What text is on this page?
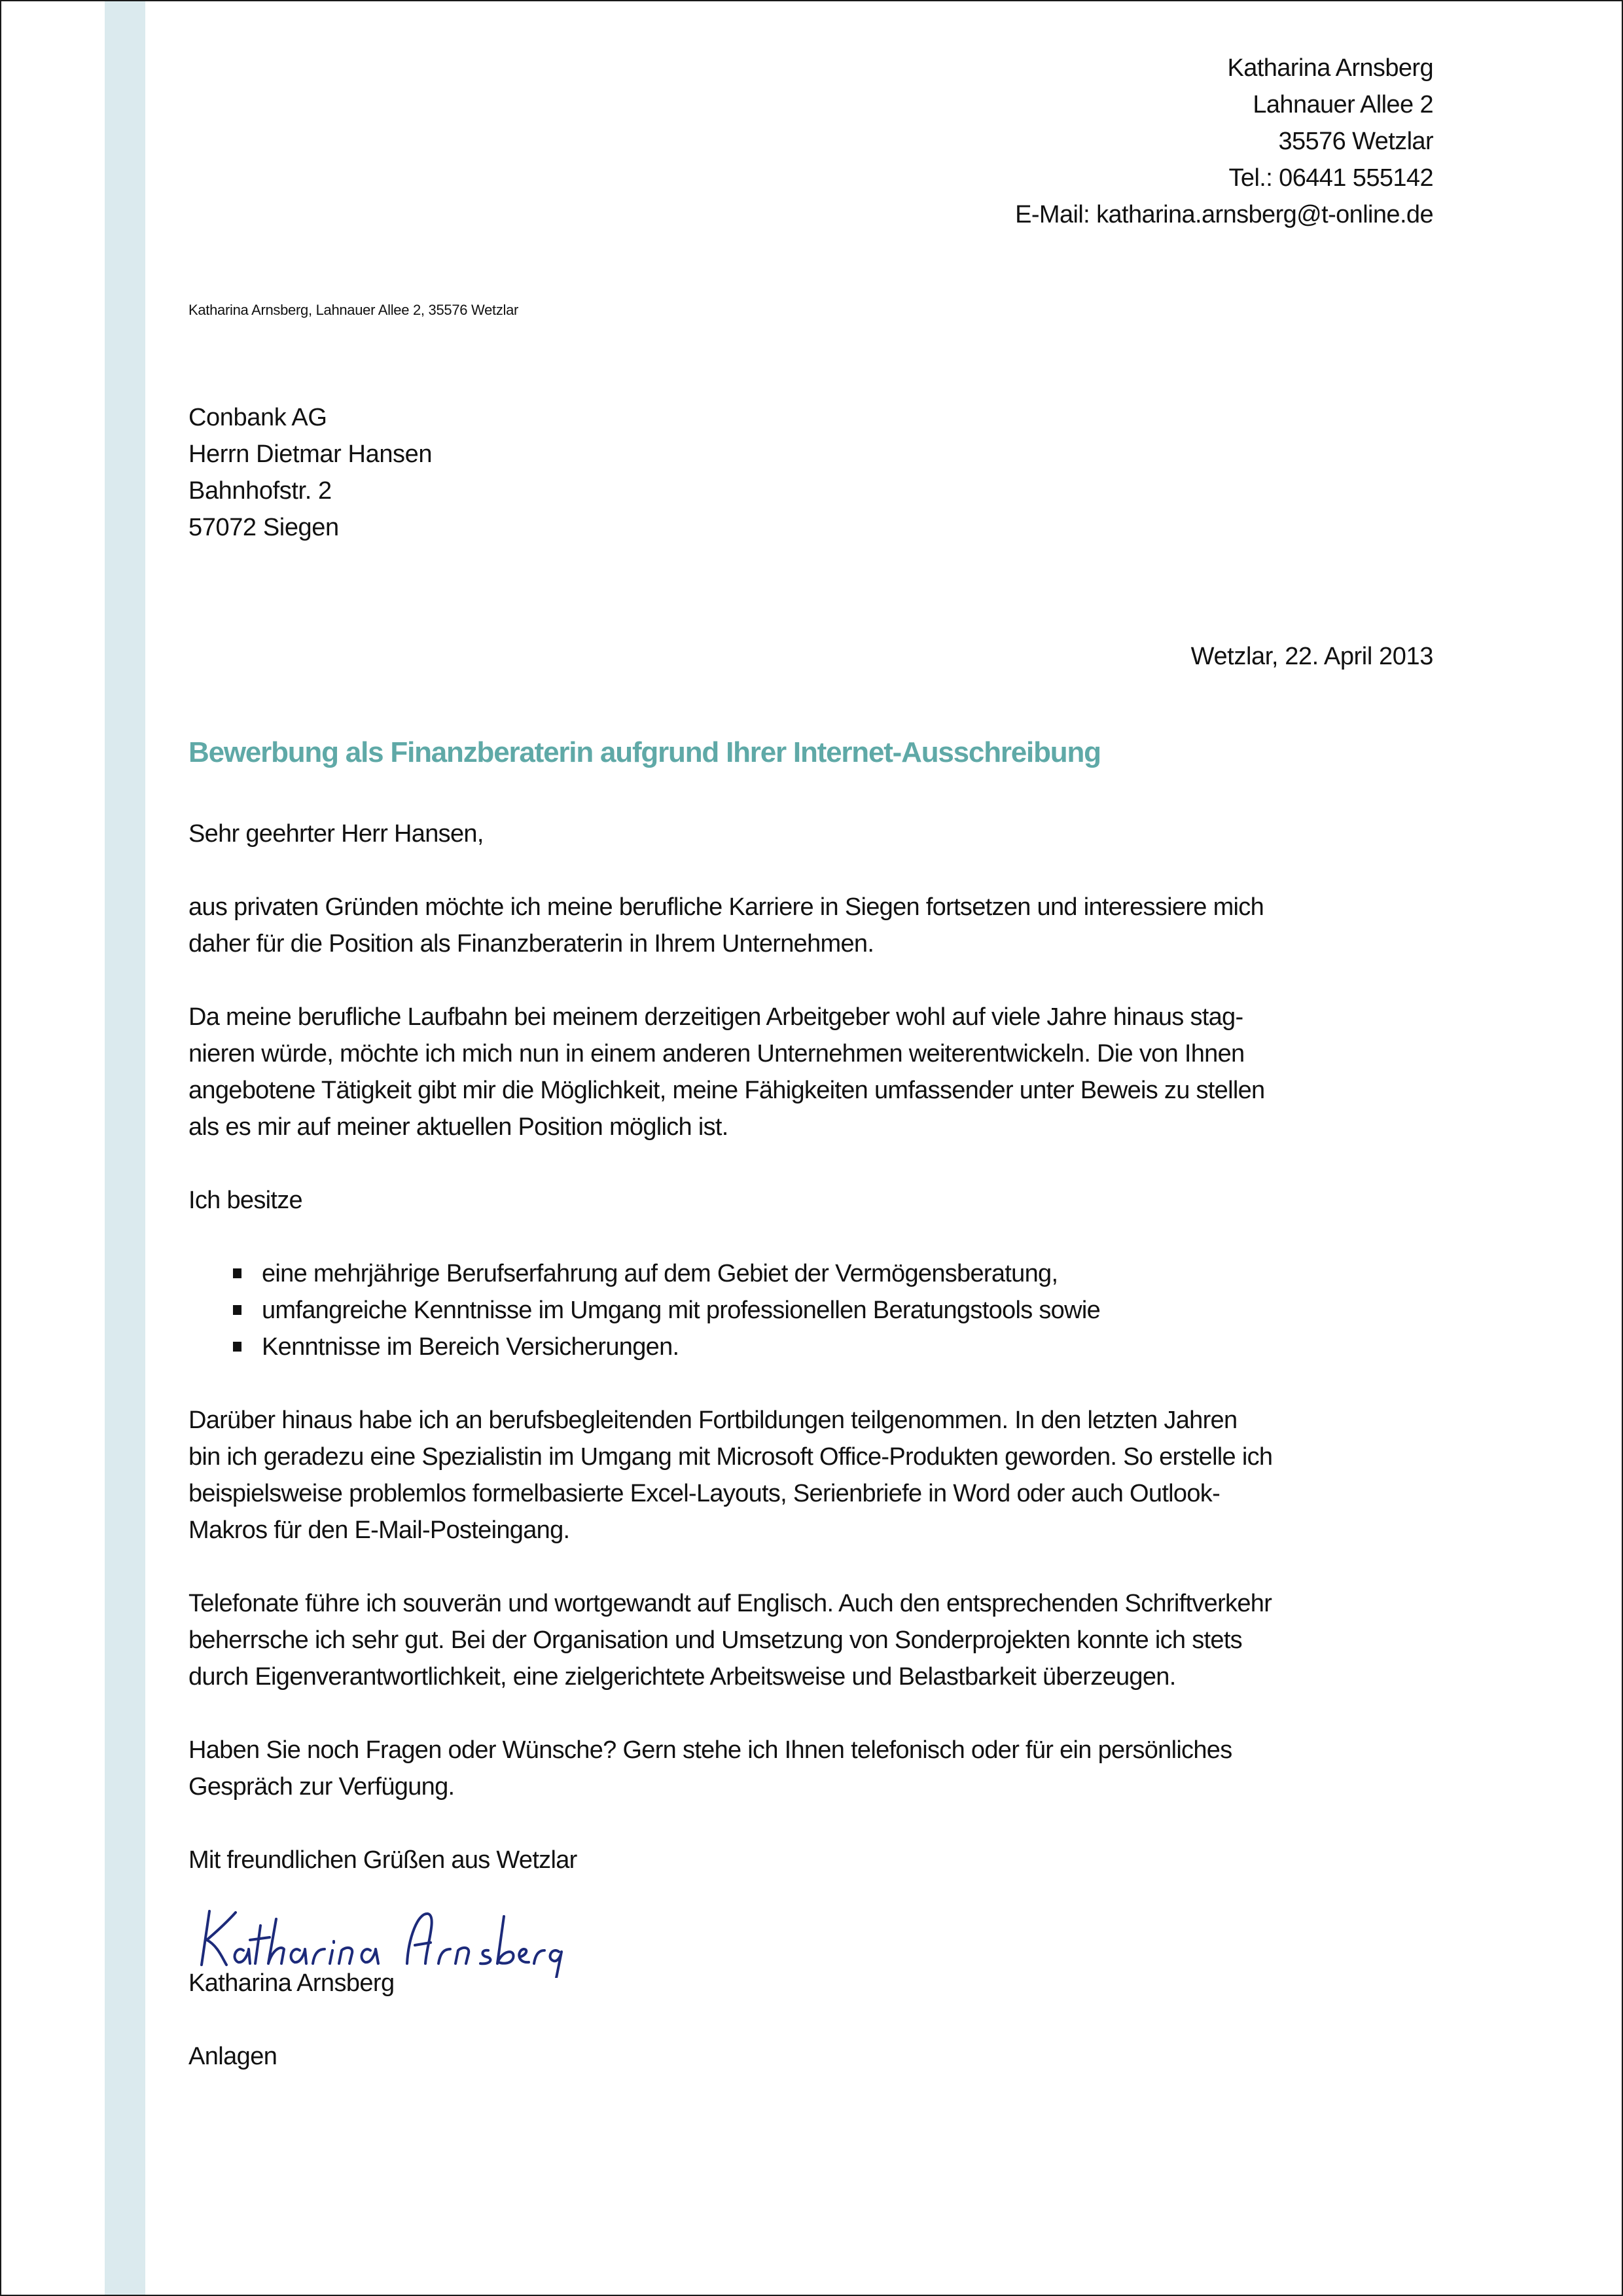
Katharina Arnsberg
Lahnauer Allee 2
35576 Wetzlar
Tel.: 06441 555142
E-Mail: katharina.arnsberg@t-online.de
Katharina Arnsberg, Lahnauer Allee 2, 35576 Wetzlar
Conbank AG
Herrn Dietmar Hansen
Bahnhofstr. 2
57072 Siegen
Wetzlar, 22. April 2013
Bewerbung als Finanzberaterin aufgrund Ihrer Internet-Ausschreibung

Sehr geehrter Herr Hansen,

aus privaten Gründen möchte ich meine berufliche Karriere in Siegen fortsetzen und interessiere mich
daher für die Position als Finanzberaterin in Ihrem Unternehmen.

Da meine berufliche Laufbahn bei meinem derzeitigen Arbeitgeber wohl auf viele Jahre hinaus stag-
nieren würde, möchte ich mich nun in einem anderen Unternehmen weiterentwickeln. Die von Ihnen
angebotene Tätigkeit gibt mir die Möglichkeit, meine Fähigkeiten umfassender unter Beweis zu stellen
als es mir auf meiner aktuellen Position möglich ist.

Ich besitze

eine mehrjährige Berufserfahrung auf dem Gebiet der Vermögensberatung,
umfangreiche Kenntnisse im Umgang mit professionellen Beratungstools sowie
Kenntnisse im Bereich Versicherungen.

Darüber hinaus habe ich an berufsbegleitenden Fortbildungen teilgenommen. In den letzten Jahren
bin ich geradezu eine Spezialistin im Umgang mit Microsoft Office-Produkten geworden. So erstelle ich
beispielsweise problemlos formelbasierte Excel-Layouts, Serienbriefe in Word oder auch Outlook-
Makros für den E-Mail-Posteingang.

Telefonate führe ich souverän und wortgewandt auf Englisch. Auch den entsprechenden Schriftverkehr
beherrsche ich sehr gut. Bei der Organisation und Umsetzung von Sonderprojekten konnte ich stets
durch Eigenverantwortlichkeit, eine zielgerichtete Arbeitsweise und Belastbarkeit überzeugen.

Haben Sie noch Fragen oder Wünsche? Gern stehe ich Ihnen telefonisch oder für ein persönliches
Gespräch zur Verfügung.

Mit freundlichen Grüßen aus Wetzlar

Katharina Arnsberg
Anlagen
